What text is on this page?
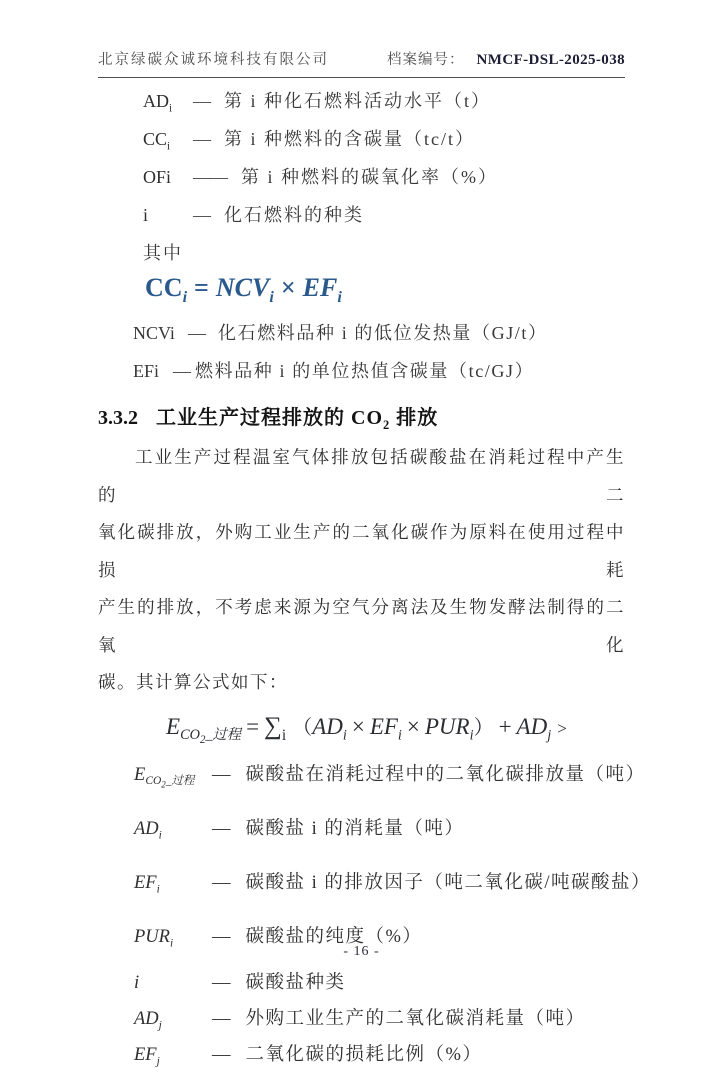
北京绿碳众诚环境科技有限公司	档案编号： NMCF-DSL-2025-038
$AD_i$ — 第 i 种化石燃料活动水平（t）
$CC_i$ — 第 i 种燃料的含碳量（tc/t）
OFi —— 第 i 种燃料的碳氧化率（%）
i — 化石燃料的种类
其中
$CC_i = NCV_i \times EF_i$
NCVi — 化石燃料品种 i 的低位发热量（GJ/t）
EFi — 燃料品种 i 的单位热值含碳量（tc/GJ）
3.3.2 工业生产过程排放的 $CO_2$ 排放
工业生产过程温室气体排放包括碳酸盐在消耗过程中产生的二
氧化碳排放，外购工业生产的二氧化碳作为原料在使用过程中损耗
产生的排放，不考虑来源为空气分离法及生物发酵法制得的二氧化
碳。其计算公式如下：
$E_{CO_2\_过程} = \sum_i$ $(AD_i \times EF_i \times PUR_i) + AD_j$ >
$E_{CO_2\_过程}$ — 碳酸盐在消耗过程中的二氧化碳排放量（吨）
$AD_i$	— 碳酸盐 i 的消耗量（吨）
$EF_i$	— 碳酸盐 i 的排放因子（吨二氧化碳/吨碳酸盐）
$PUR_i$ — 碳酸盐的纯度（%）
i	— 碳酸盐种类
$AD_j$	— 外购工业生产的二氧化碳消耗量（吨）
$EF_j$	— 二氧化碳的损耗比例（%）
- 16 -
